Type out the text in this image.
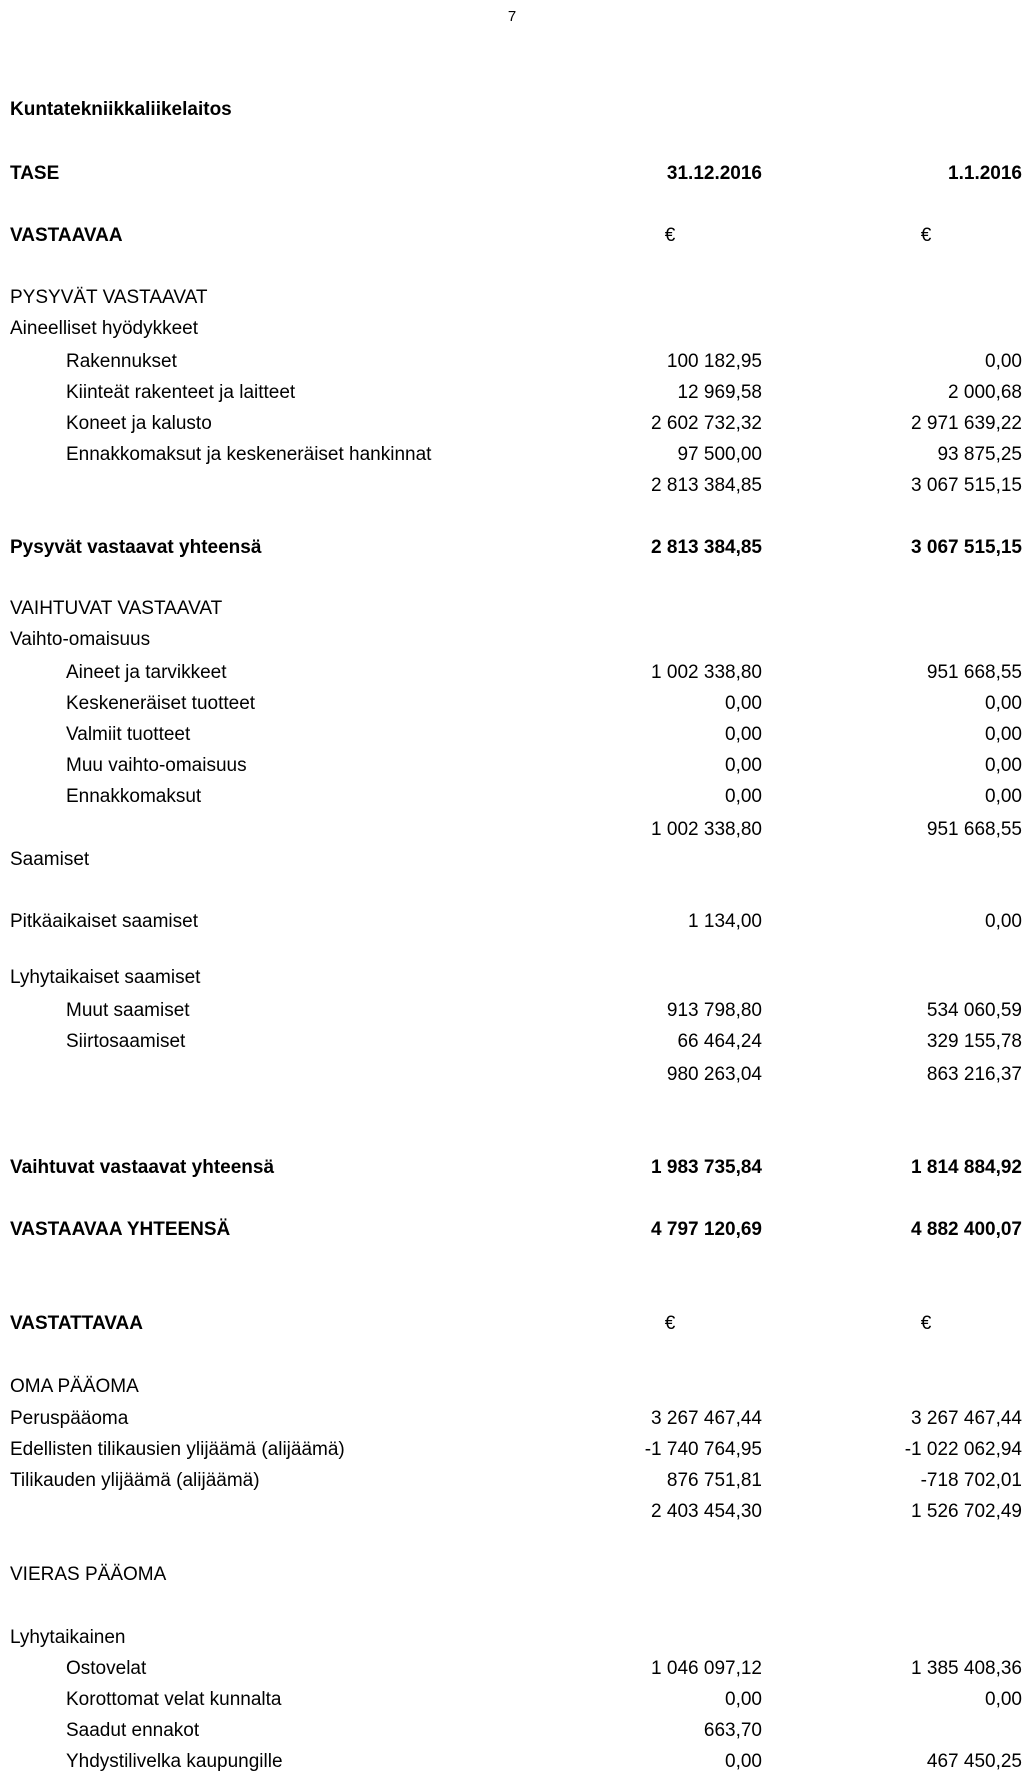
7
Kuntatekniikkaliikelaitos
TASE	31.12.2016	1.1.2016
VASTAAVAA	€	€
PYSYVÄT VASTAAVAT
Aineelliset hyödykkeet
Rakennukset	100 182,95	0,00
Kiinteät rakenteet ja laitteet	12 969,58	2 000,68
Koneet ja kalusto	2 602 732,32	2 971 639,22
Ennakkomaksut ja keskeneräiset hankinnat	97 500,00	93 875,25
2 813 384,85	3 067 515,15
Pysyvät vastaavat yhteensä	2 813 384,85	3 067 515,15
VAIHTUVAT VASTAAVAT
Vaihto-omaisuus
Aineet ja tarvikkeet	1 002 338,80	951 668,55
Keskeneräiset tuotteet	0,00	0,00
Valmiit tuotteet	0,00	0,00
Muu vaihto-omaisuus	0,00	0,00
Ennakkomaksut	0,00	0,00
1 002 338,80	951 668,55
Saamiset
Pitkäaikaiset saamiset	1 134,00	0,00
Lyhytaikaiset saamiset
Muut saamiset	913 798,80	534 060,59
Siirtosaamiset	66 464,24	329 155,78
980 263,04	863 216,37
Vaihtuvat vastaavat yhteensä	1 983 735,84	1 814 884,92
VASTAAVAA YHTEENSÄ	4 797 120,69	4 882 400,07
VASTATTAVAA	€	€
OMA PÄÄOMA
Peruspääoma	3 267 467,44	3 267 467,44
Edellisten tilikausien ylijäämä (alijäämä)	-1 740 764,95	-1 022 062,94
Tilikauden ylijäämä (alijäämä)	876 751,81	-718 702,01
2 403 454,30	1 526 702,49
VIERAS PÄÄOMA
Lyhytaikainen
Ostovelat	1 046 097,12	1 385 408,36
Korottomat velat kunnalta	0,00	0,00
Saadut ennakot	663,70
Yhdystilivelka kaupungille	0,00	467 450,25
